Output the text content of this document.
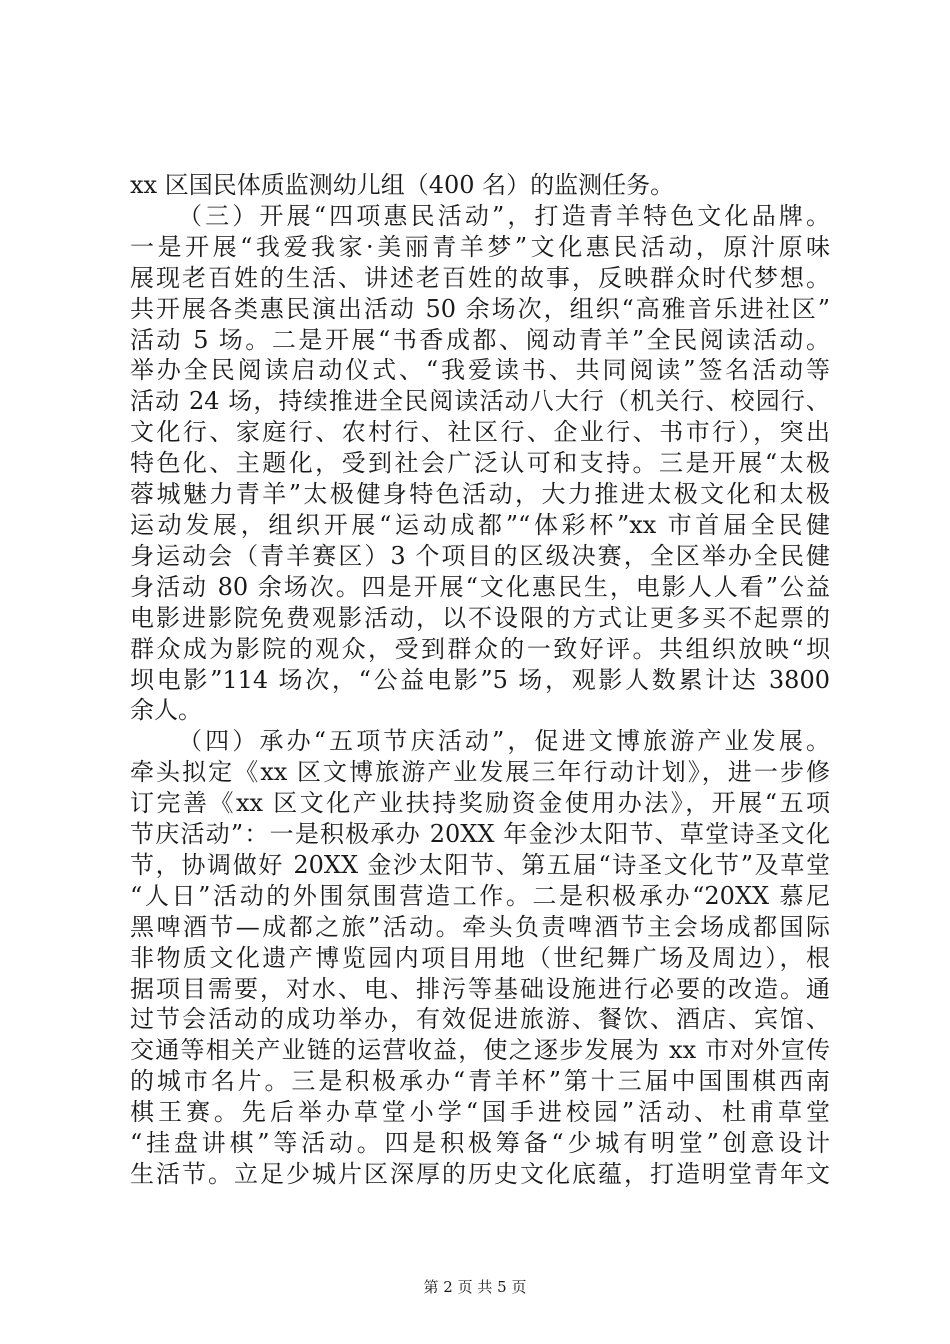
xx 区国民体质监测幼儿组（400 名）的监测任务。
（三）开展“四项惠民活动”，打造青羊特色文化品牌。
一是开展“我爱我家·美丽青羊梦”文化惠民活动，原汁原味
展现老百姓的生活、讲述老百姓的故事，反映群众时代梦想。
共开展各类惠民演出活动 50 余场次，组织“高雅音乐进社区”
活动 5 场。二是开展“书香成都、阅动青羊”全民阅读活动。
举办全民阅读启动仪式、“我爱读书、共同阅读”签名活动等
活动 24 场，持续推进全民阅读活动八大行（机关行、校园行、
文化行、家庭行、农村行、社区行、企业行、书市行），突出
特色化、主题化，受到社会广泛认可和支持。三是开展“太极
蓉城魅力青羊”太极健身特色活动，大力推进太极文化和太极
运动发展，组织开展“运动成都”“体彩杯”xx 市首届全民健
身运动会（青羊赛区）3 个项目的区级决赛，全区举办全民健
身活动 80 余场次。四是开展“文化惠民生，电影人人看”公益
电影进影院免费观影活动，以不设限的方式让更多买不起票的
群众成为影院的观众，受到群众的一致好评。共组织放映“坝
坝电影”114 场次，“公益电影”5 场，观影人数累计达 3800
余人。
（四）承办“五项节庆活动”，促进文博旅游产业发展。
牵头拟定《xx 区文博旅游产业发展三年行动计划》，进一步修
订完善《xx 区文化产业扶持奖励资金使用办法》，开展“五项
节庆活动”：一是积极承办 20XX 年金沙太阳节、草堂诗圣文化
节，协调做好 20XX 金沙太阳节、第五届“诗圣文化节”及草堂
“人日”活动的外围氛围营造工作。二是积极承办“20XX 慕尼
黑啤酒节—成都之旅”活动。牵头负责啤酒节主会场成都国际
非物质文化遗产博览园内项目用地（世纪舞广场及周边），根
据项目需要，对水、电、排污等基础设施进行必要的改造。通
过节会活动的成功举办，有效促进旅游、餐饮、酒店、宾馆、
交通等相关产业链的运营收益，使之逐步发展为 xx 市对外宣传
的城市名片。三是积极承办“青羊杯”第十三届中国围棋西南
棋王赛。先后举办草堂小学“国手进校园”活动、杜甫草堂
“挂盘讲棋”等活动。四是积极筹备“少城有明堂”创意设计
生活节。立足少城片区深厚的历史文化底蕴，打造明堂青年文
第 2 页 共 5 页
